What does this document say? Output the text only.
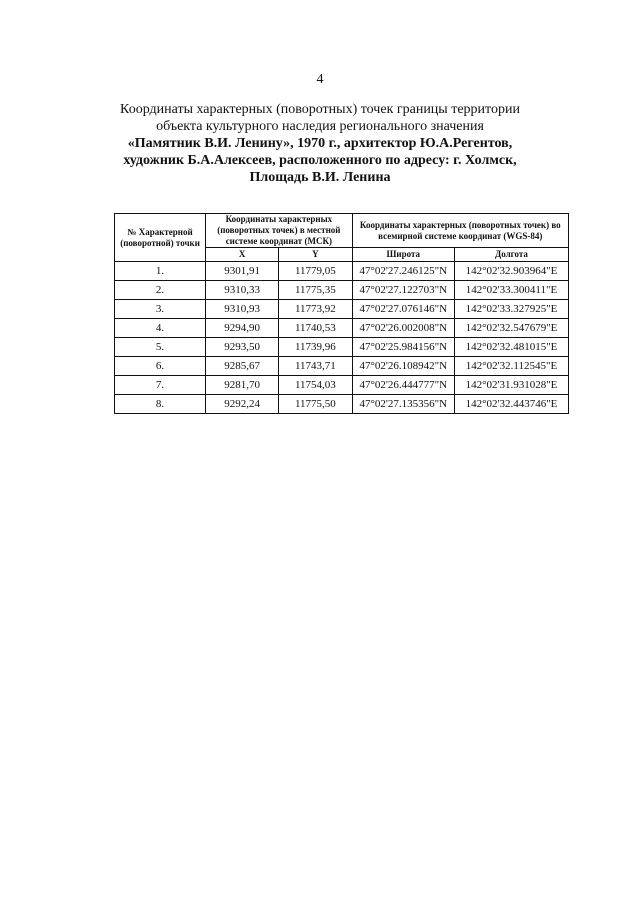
4
Координаты характерных (поворотных) точек границы территории
объекта культурного наследия регионального значения
«Памятник В.И. Ленину», 1970 г., архитектор Ю.А.Регентов, художник Б.А.Алексеев, расположенного по адресу: г. Холмск, Площадь В.И. Ленина
№ Характерной (поворотной) точки	Координаты характерных (поворотных точек) в местной системе координат (МСК)		Координаты характерных (поворотных точек) во всемирной системе координат (WGS-84)	
	X	Y	Широта	Долгота
1.	9301,91	11779,05	47°02'27.246125"N	142°02'32.903964"E
2.	9310,33	11775,35	47°02'27.122703"N	142°02'33.300411"E
3.	9310,93	11773,92	47°02'27.076146"N	142°02'33.327925"E
4.	9294,90	11740,53	47°02'26.002008"N	142°02'32.547679"E
5.	9293,50	11739,96	47°02'25.984156"N	142°02'32.481015"E
6.	9285,67	11743,71	47°02'26.108942"N	142°02'32.112545"E
7.	9281,70	11754,03	47°02'26.444777"N	142°02'31.931028"E
8.	9292,24	11775,50	47°02'27.135356"N	142°02'32.443746"E
